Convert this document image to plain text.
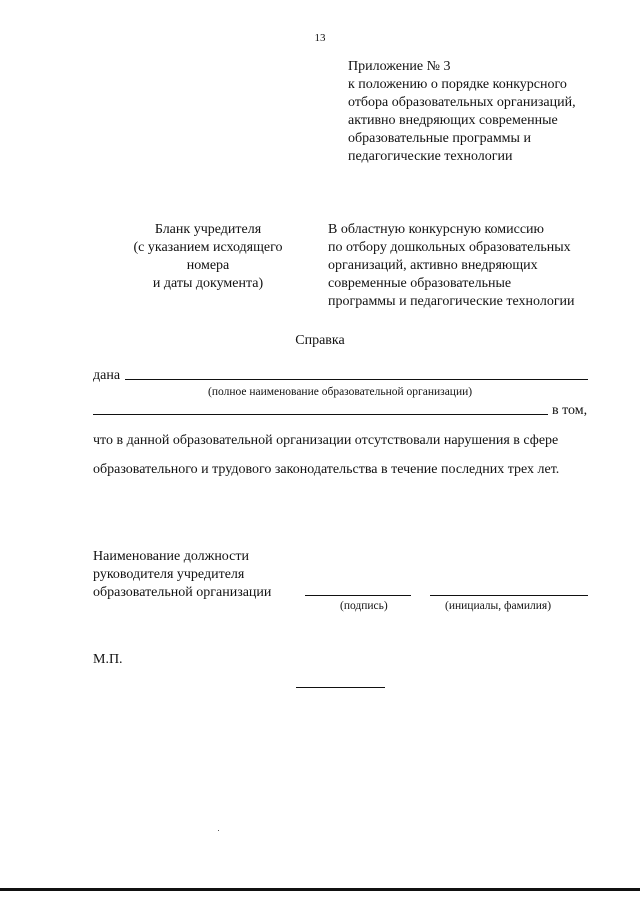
13
Приложение № 3
к положению о порядке конкурсного
отбора образовательных организаций,
активно внедряющих современные
образовательные программы и
педагогические технологии
Бланк учредителя
(с указанием исходящего
номера
и даты документа)
В областную конкурсную комиссию
по отбору дошкольных образовательных
организаций, активно внедряющих
современные образовательные
программы и педагогические технологии
Справка
дана
(полное наименование образовательной организации)
в том,
что в данной образовательной организации отсутствовали нарушения в сфере
образовательного и трудового законодательства в течение последних трех лет.
Наименование должности
руководителя учредителя
образовательной организации
(подпись)	(инициалы, фамилия)
М.П.
